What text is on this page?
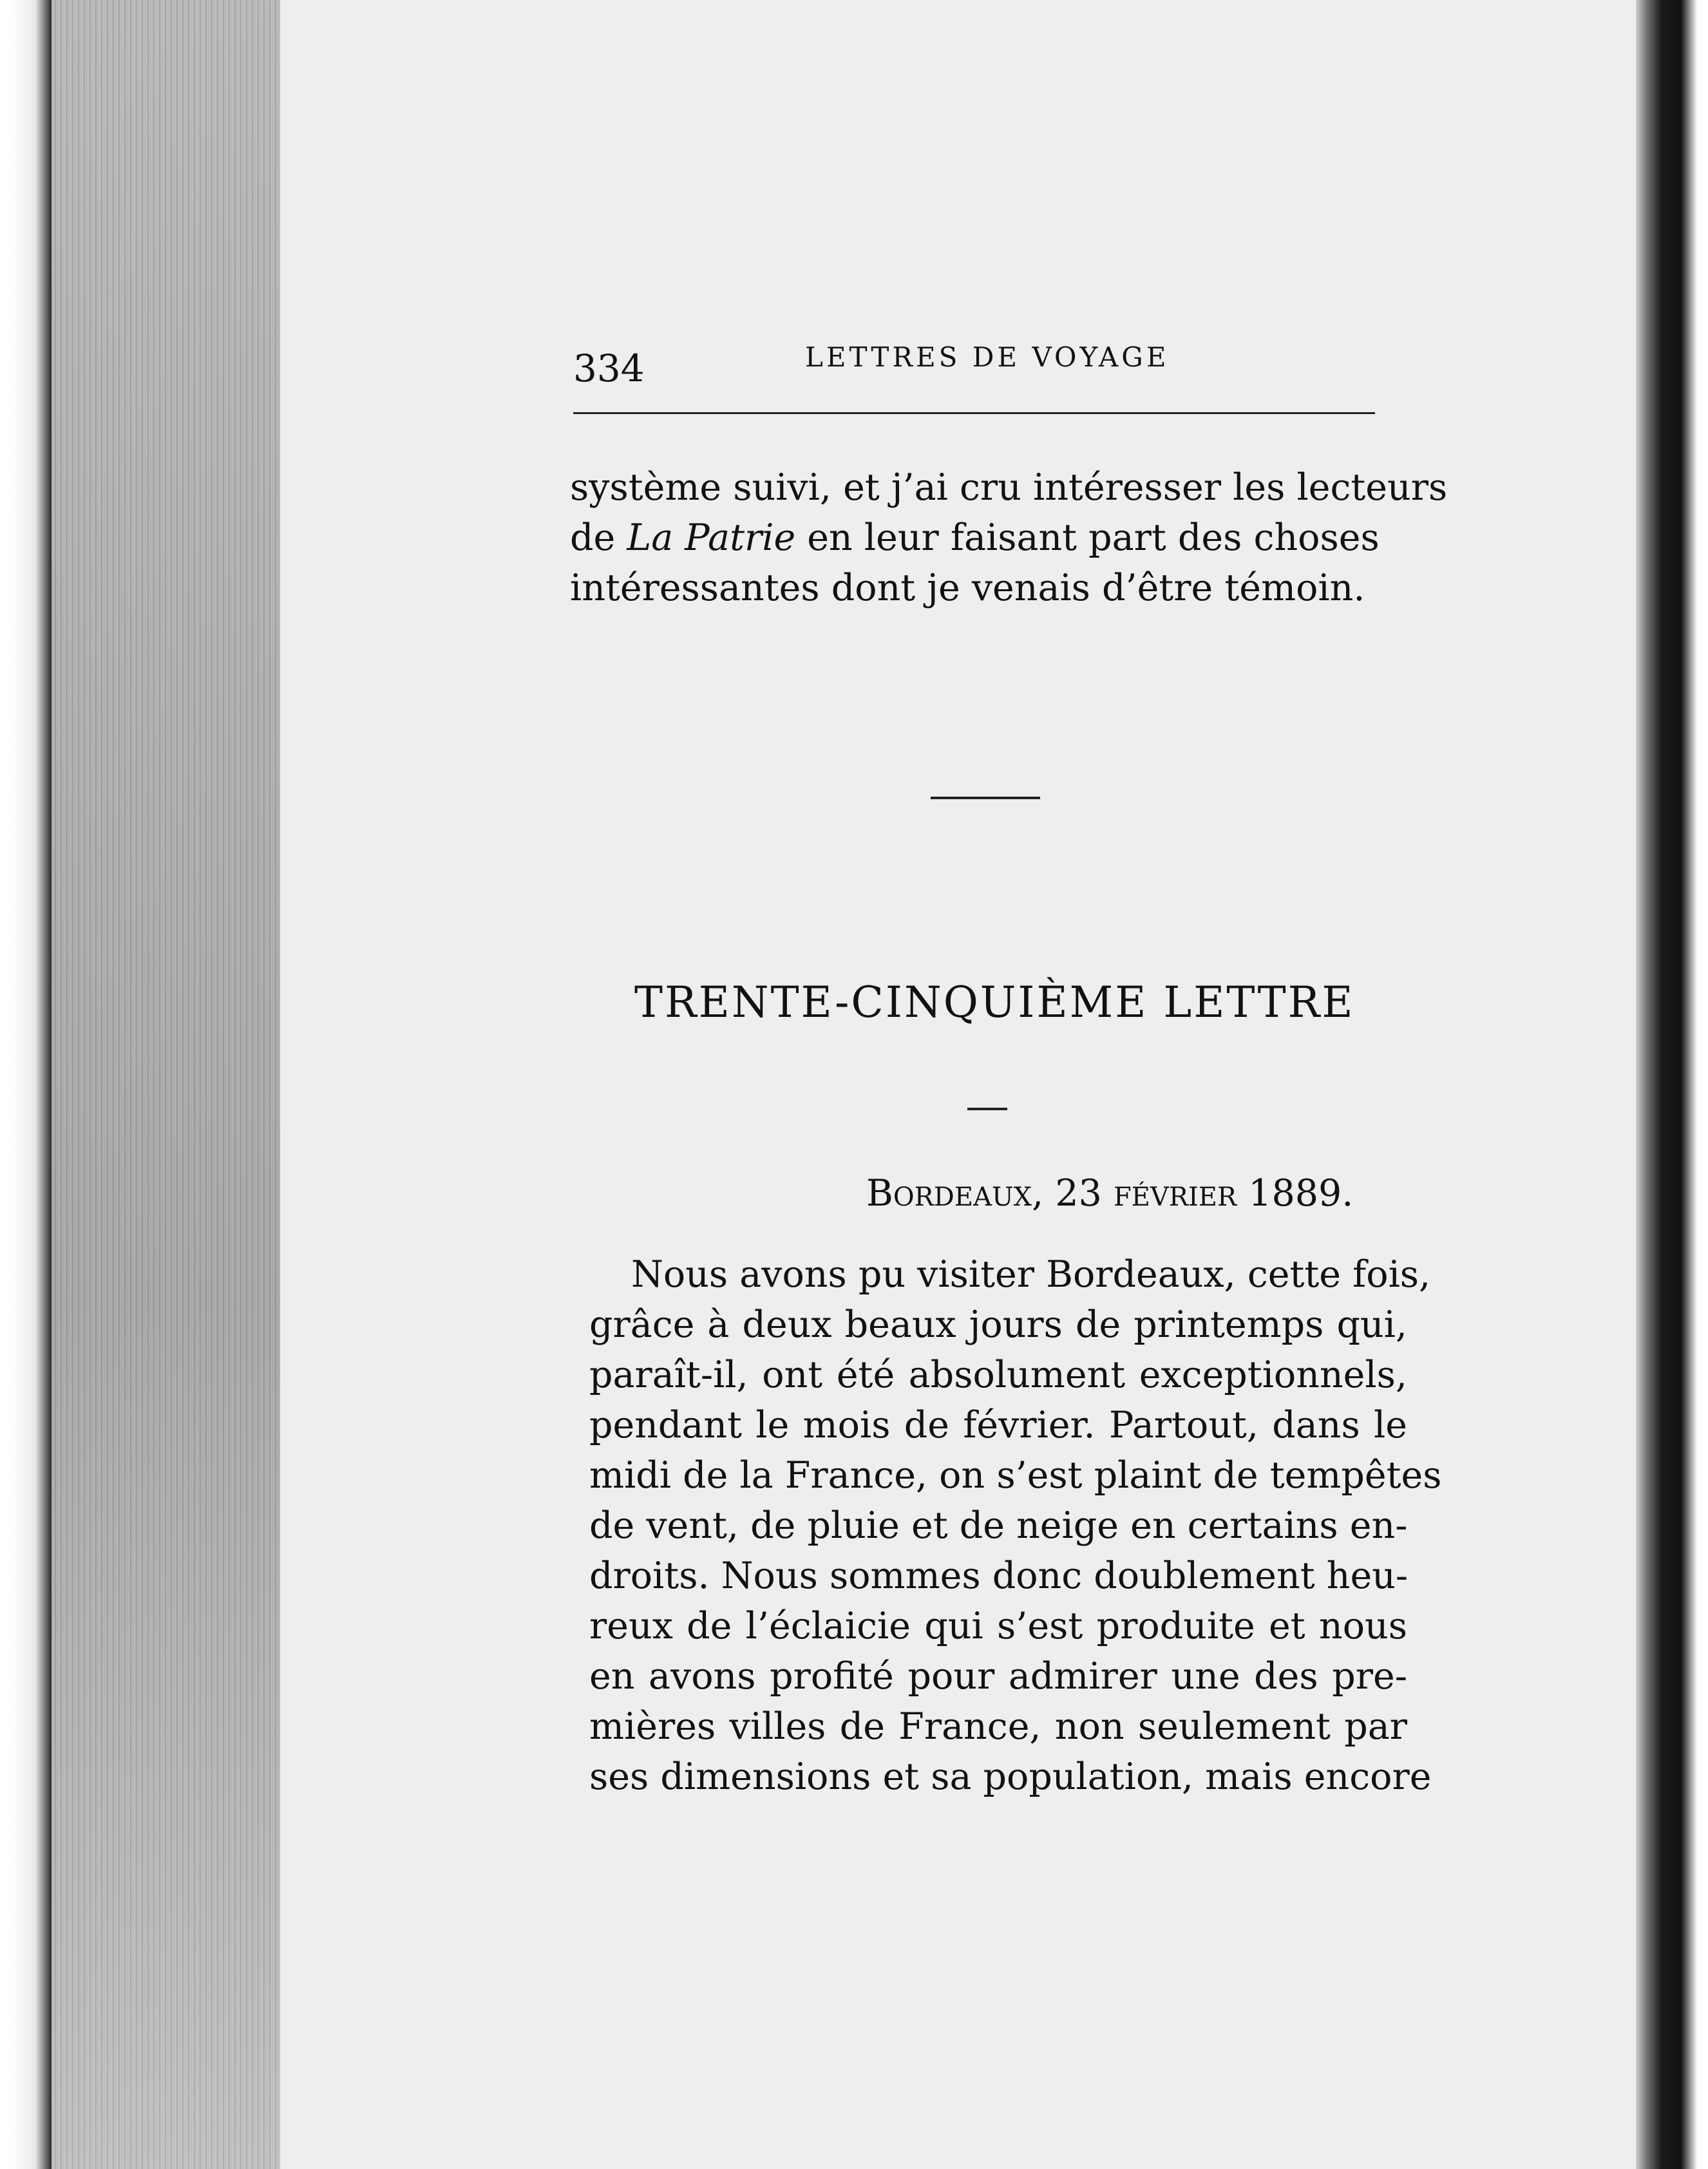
334	LETTRES DE VOYAGE
système suivi, et j’ai cru intéresser les lecteurs
de La Patrie en leur faisant part des choses
intéressantes dont je venais d’être témoin.
TRENTE-CINQUIÈME LETTRE
Bordeaux, 23 février 1889.
Nous avons pu visiter Bordeaux, cette fois,
grâce à deux beaux jours de printemps qui,
paraît-il, ont été absolument exceptionnels,
pendant le mois de février. Partout, dans le
midi de la France, on s’est plaint de tempêtes
de vent, de pluie et de neige en certains en-
droits. Nous sommes donc doublement heu-
reux de l’éclaicie qui s’est produite et nous
en avons profité pour admirer une des pre-
mières villes de France, non seulement par
ses dimensions et sa population, mais encore
